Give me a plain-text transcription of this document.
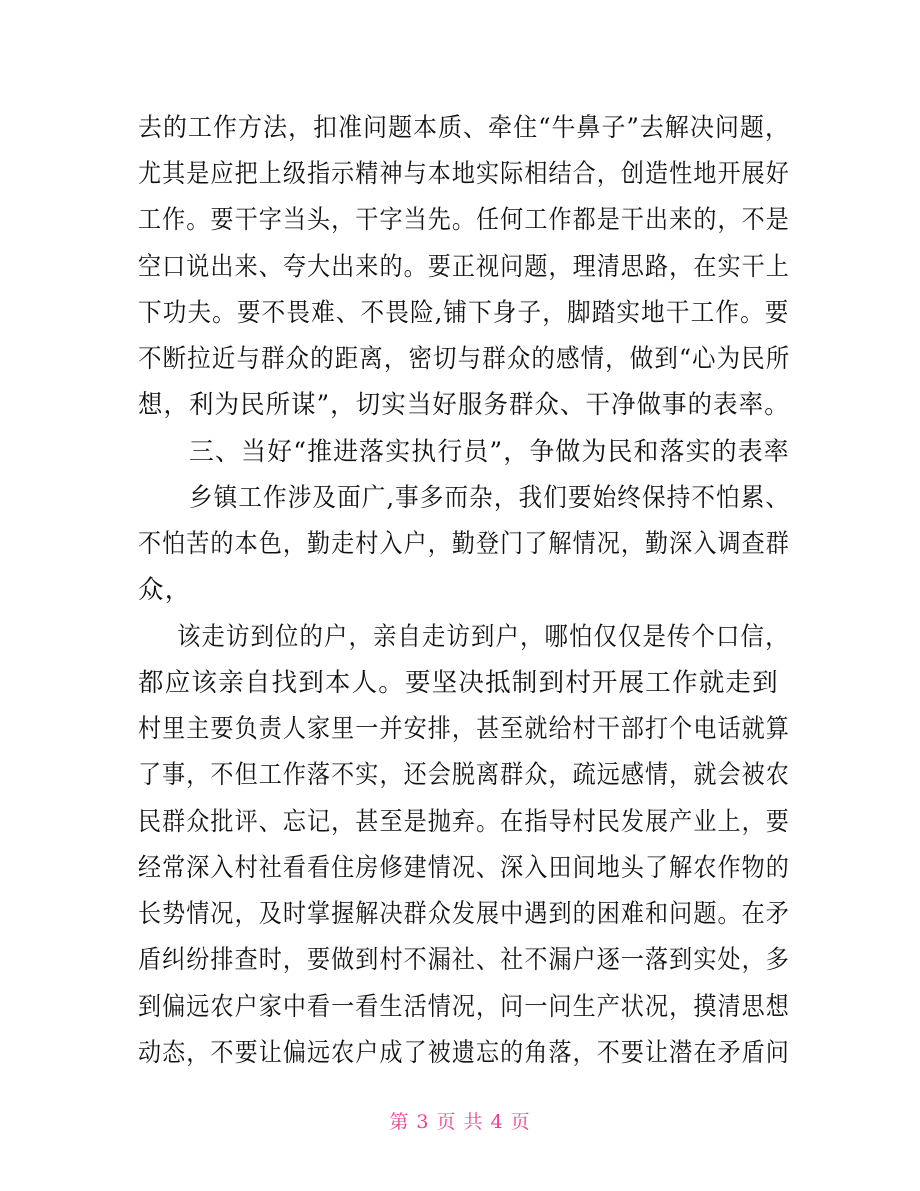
去的工作方法，扣准问题本质、牵住“牛鼻子”去解决问题，
尤其是应把上级指示精神与本地实际相结合，创造性地开展好
工作。要干字当头，干字当先。任何工作都是干出来的，不是
空口说出来、夸大出来的。要正视问题，理清思路，在实干上
下功夫。要不畏难、不畏险,铺下身子，脚踏实地干工作。要
不断拉近与群众的距离，密切与群众的感情，做到“心为民所
想，利为民所谋”，切实当好服务群众、干净做事的表率。
三、当好“推进落实执行员”，争做为民和落实的表率
乡镇工作涉及面广,事多而杂，我们要始终保持不怕累、
不怕苦的本色，勤走村入户，勤登门了解情况，勤深入调查群
众，
该走访到位的户，亲自走访到户，哪怕仅仅是传个口信，
都应该亲自找到本人。要坚决抵制到村开展工作就走到
村里主要负责人家里一并安排，甚至就给村干部打个电话就算
了事，不但工作落不实，还会脱离群众，疏远感情，就会被农
民群众批评、忘记，甚至是抛弃。在指导村民发展产业上，要
经常深入村社看看住房修建情况、深入田间地头了解农作物的
长势情况，及时掌握解决群众发展中遇到的困难和问题。在矛
盾纠纷排查时，要做到村不漏社、社不漏户逐一落到实处，多
到偏远农户家中看一看生活情况，问一问生产状况，摸清思想
动态，不要让偏远农户成了被遗忘的角落，不要让潜在矛盾问
第 3 页 共 4 页
